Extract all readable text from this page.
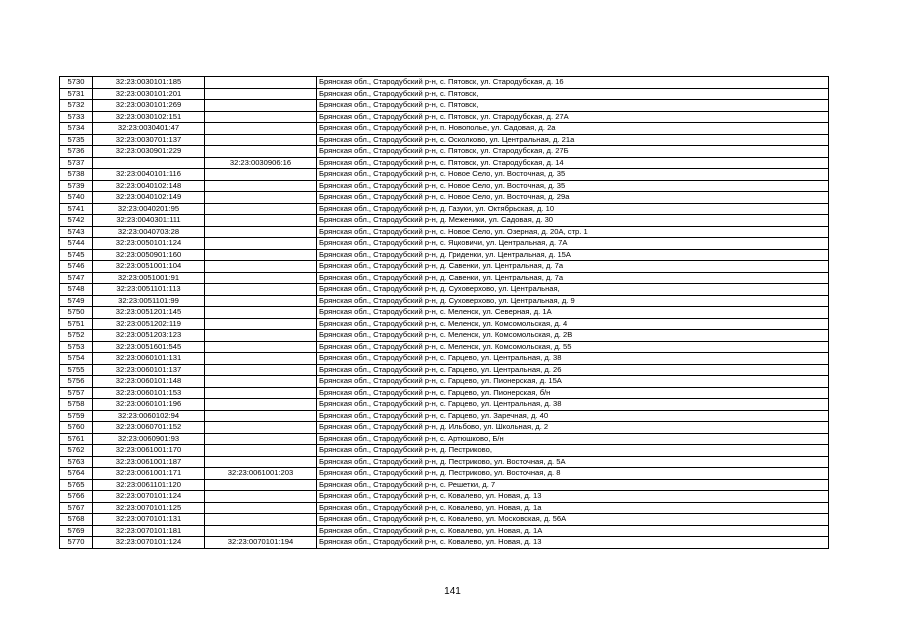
5730	32:23:0030101:185		Брянская обл., Стародубский р-н, с. Пятовск, ул. Стародубская, д. 16
5731	32:23:0030101:201		Брянская обл., Стародубский р-н, с. Пятовск,
5732	32:23:0030101:269		Брянская обл., Стародубский р-н, с. Пятовск,
5733	32:23:0030102:151		Брянская обл., Стародубский р-н, с. Пятовск, ул. Стародубская, д. 27А
5734	32:23:0030401:47		Брянская обл., Стародубский р-н, п. Новополье, ул. Садовая, д. 2а
5735	32:23:0030701:137		Брянская обл., Стародубский р-н, с. Осколково, ул. Центральная, д. 21а
5736	32:23:0030901:229		Брянская обл., Стародубский р-н, с. Пятовск, ул. Стародубская, д. 27Б
5737		32:23:0030906:16	Брянская обл., Стародубский р-н, с. Пятовск, ул. Стародубская, д. 14
5738	32:23:0040101:116		Брянская обл., Стародубский р-н, с. Новое Село, ул. Восточная, д. 35
5739	32:23:0040102:148		Брянская обл., Стародубский р-н, с. Новое Село, ул. Восточная, д. 35
5740	32:23:0040102:149		Брянская обл., Стародубский р-н, с. Новое Село, ул. Восточная, д. 29а
5741	32:23:0040201:95		Брянская обл., Стародубский р-н, д. Газуки, ул. Октябрьская, д. 10
5742	32:23:0040301:111		Брянская обл., Стародубский р-н, д. Меженики, ул. Садовая, д. 30
5743	32:23:0040703:28		Брянская обл., Стародубский р-н, с. Новое Село, ул. Озерная, д. 20А, стр. 1
5744	32:23:0050101:124		Брянская обл., Стародубский р-н, с. Яцковичи, ул. Центральная, д. 7А
5745	32:23:0050901:160		Брянская обл., Стародубский р-н, д. Гриденки, ул. Центральная, д. 15А
5746	32:23:0051001:104		Брянская обл., Стародубский р-н, д. Савенки, ул. Центральная, д. 7а
5747	32:23:0051001:91		Брянская обл., Стародубский р-н, д. Савенки, ул. Центральная, д. 7а
5748	32:23:0051101:113		Брянская обл., Стародубский р-н, д. Суховерхово, ул. Центральная,
5749	32:23:0051101:99		Брянская обл., Стародубский р-н, д. Суховерхово, ул. Центральная, д. 9
5750	32:23:0051201:145		Брянская обл., Стародубский р-н, с. Меленск, ул. Северная, д. 1А
5751	32:23:0051202:119		Брянская обл., Стародубский р-н, с. Меленск, ул. Комсомольская, д. 4
5752	32:23:0051203:123		Брянская обл., Стародубский р-н, с. Меленск, ул. Комсомольская, д. 2В
5753	32:23:0051601:545		Брянская обл., Стародубский р-н, с. Меленск, ул. Комсомольская, д. 55
5754	32:23:0060101:131		Брянская обл., Стародубский р-н, с. Гарцево, ул. Центральная, д. 38
5755	32:23:0060101:137		Брянская обл., Стародубский р-н, с. Гарцево, ул. Центральная, д. 26
5756	32:23:0060101:148		Брянская обл., Стародубский р-н, с. Гарцево, ул. Пионерская, д. 15А
5757	32:23:0060101:153		Брянская обл., Стародубский р-н, с. Гарцево, ул. Пионерская, б/н
5758	32:23:0060101:196		Брянская обл., Стародубский р-н, с. Гарцево, ул. Центральная, д. 38
5759	32:23:0060102:94		Брянская обл., Стародубский р-н, с. Гарцево, ул. Заречная, д. 40
5760	32:23:0060701:152		Брянская обл., Стародубский р-н, д. Ильбово, ул. Школьная, д. 2
5761	32:23:0060901:93		Брянская обл., Стародубский р-н, с. Артюшково, Б/н
5762	32:23:0061001:170		Брянская обл., Стародубский р-н, д. Пестриково,
5763	32:23:0061001:187		Брянская обл., Стародубский р-н, д. Пестриково, ул. Восточная, д. 5А
5764	32:23:0061001:171	32:23:0061001:203	Брянская обл., Стародубский р-н, д. Пестриково, ул. Восточная, д. 8
5765	32:23:0061101:120		Брянская обл., Стародубский р-н, с. Решетки, д. 7
5766	32:23:0070101:124		Брянская обл., Стародубский р-н, с. Ковалево, ул. Новая, д. 13
5767	32:23:0070101:125		Брянская обл., Стародубский р-н, с. Ковалево, ул. Новая, д. 1а
5768	32:23:0070101:131		Брянская обл., Стародубский р-н, с. Ковалево, ул. Московская, д. 56А
5769	32:23:0070101:181		Брянская обл., Стародубский р-н, с. Ковалево, ул. Новая, д. 1А
5770	32:23:0070101:124	32:23:0070101:194	Брянская обл., Стародубский р-н, с. Ковалево, ул. Новая, д. 13
141
